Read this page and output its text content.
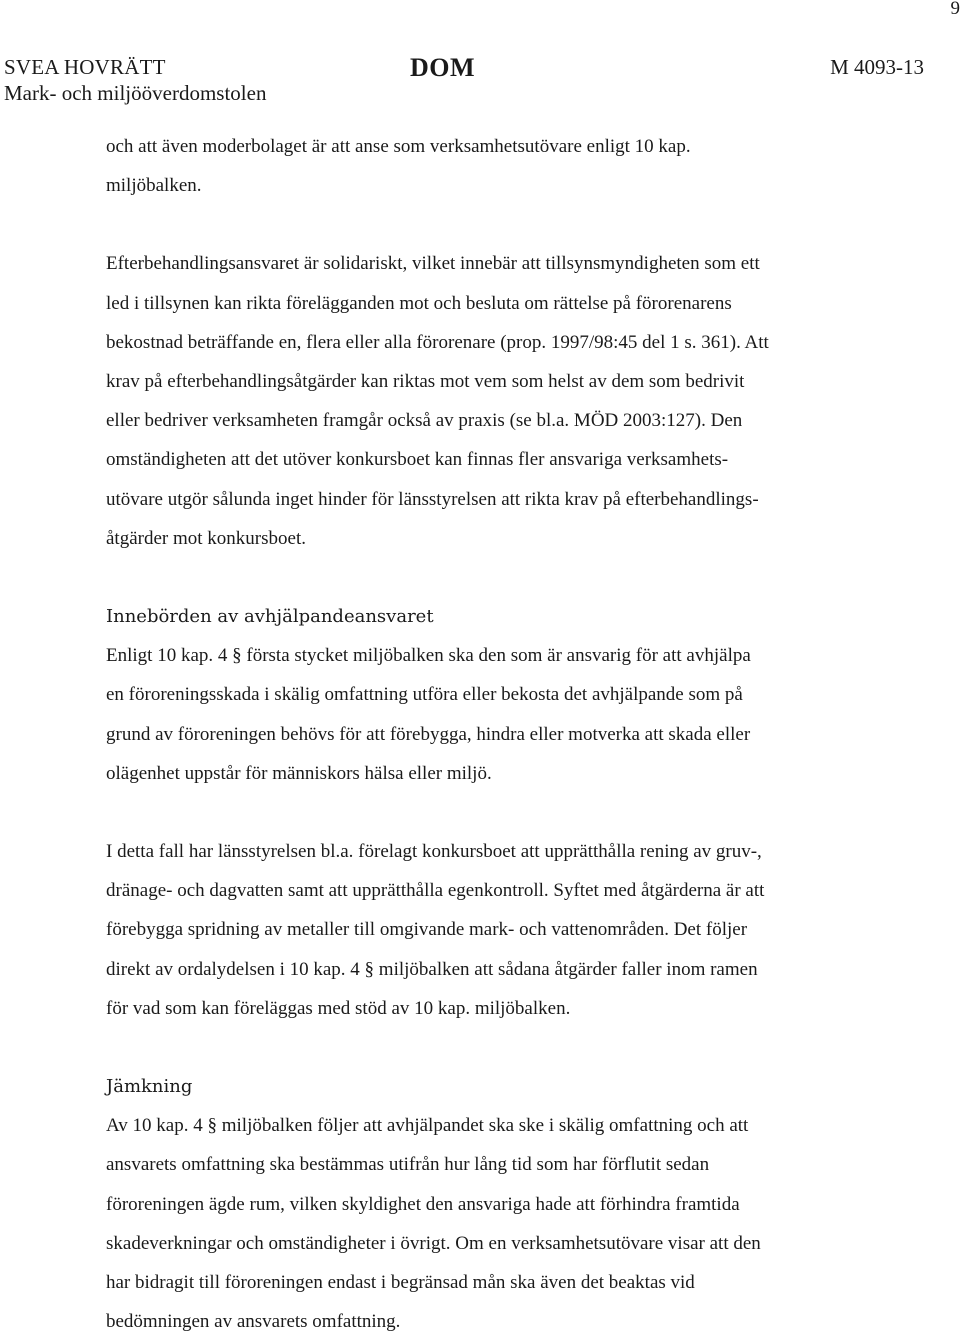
9
SVEA HOVRÄTT
Mark- och miljööverdomstolen
DOM	M 4093-13

och att även moderbolaget är att anse som verksamhetsutövare enligt 10 kap.
miljöbalken.

Efterbehandlingsansvaret är solidariskt, vilket innebär att tillsynsmyndigheten som ett
led i tillsynen kan rikta förelägganden mot och besluta om rättelse på förorenarens
bekostnad beträffande en, flera eller alla förorenare (prop. 1997/98:45 del 1 s. 361). Att
krav på efterbehandlingsåtgärder kan riktas mot vem som helst av dem som bedrivit
eller bedriver verksamheten framgår också av praxis (se bl.a. MÖD 2003:127). Den
omständigheten att det utöver konkursboet kan finnas fler ansvariga verksamhets-
utövare utgör sålunda inget hinder för länsstyrelsen att rikta krav på efterbehandlings-
åtgärder mot konkursboet.

Innebörden av avhjälpandeansvaret

Enligt 10 kap. 4 § första stycket miljöbalken ska den som är ansvarig för att avhjälpa
en föroreningsskada i skälig omfattning utföra eller bekosta det avhjälpande som på
grund av föroreningen behövs för att förebygga, hindra eller motverka att skada eller
olägenhet uppstår för människors hälsa eller miljö.

I detta fall har länsstyrelsen bl.a. förelagt konkursboet att upprätthålla rening av gruv-,
dränage- och dagvatten samt att upprätthålla egenkontroll. Syftet med åtgärderna är att
förebygga spridning av metaller till omgivande mark- och vattenområden. Det följer
direkt av ordalydelsen i 10 kap. 4 § miljöbalken att sådana åtgärder faller inom ramen
för vad som kan föreläggas med stöd av 10 kap. miljöbalken.

Jämkning

Av 10 kap. 4 § miljöbalken följer att avhjälpandet ska ske i skälig omfattning och att
ansvarets omfattning ska bestämmas utifrån hur lång tid som har förflutit sedan
föroreningen ägde rum, vilken skyldighet den ansvariga hade att förhindra framtida
skadeverkningar och omständigheter i övrigt. Om en verksamhetsutövare visar att den
har bidragit till föroreningen endast i begränsad mån ska även det beaktas vid
bedömningen av ansvarets omfattning.
